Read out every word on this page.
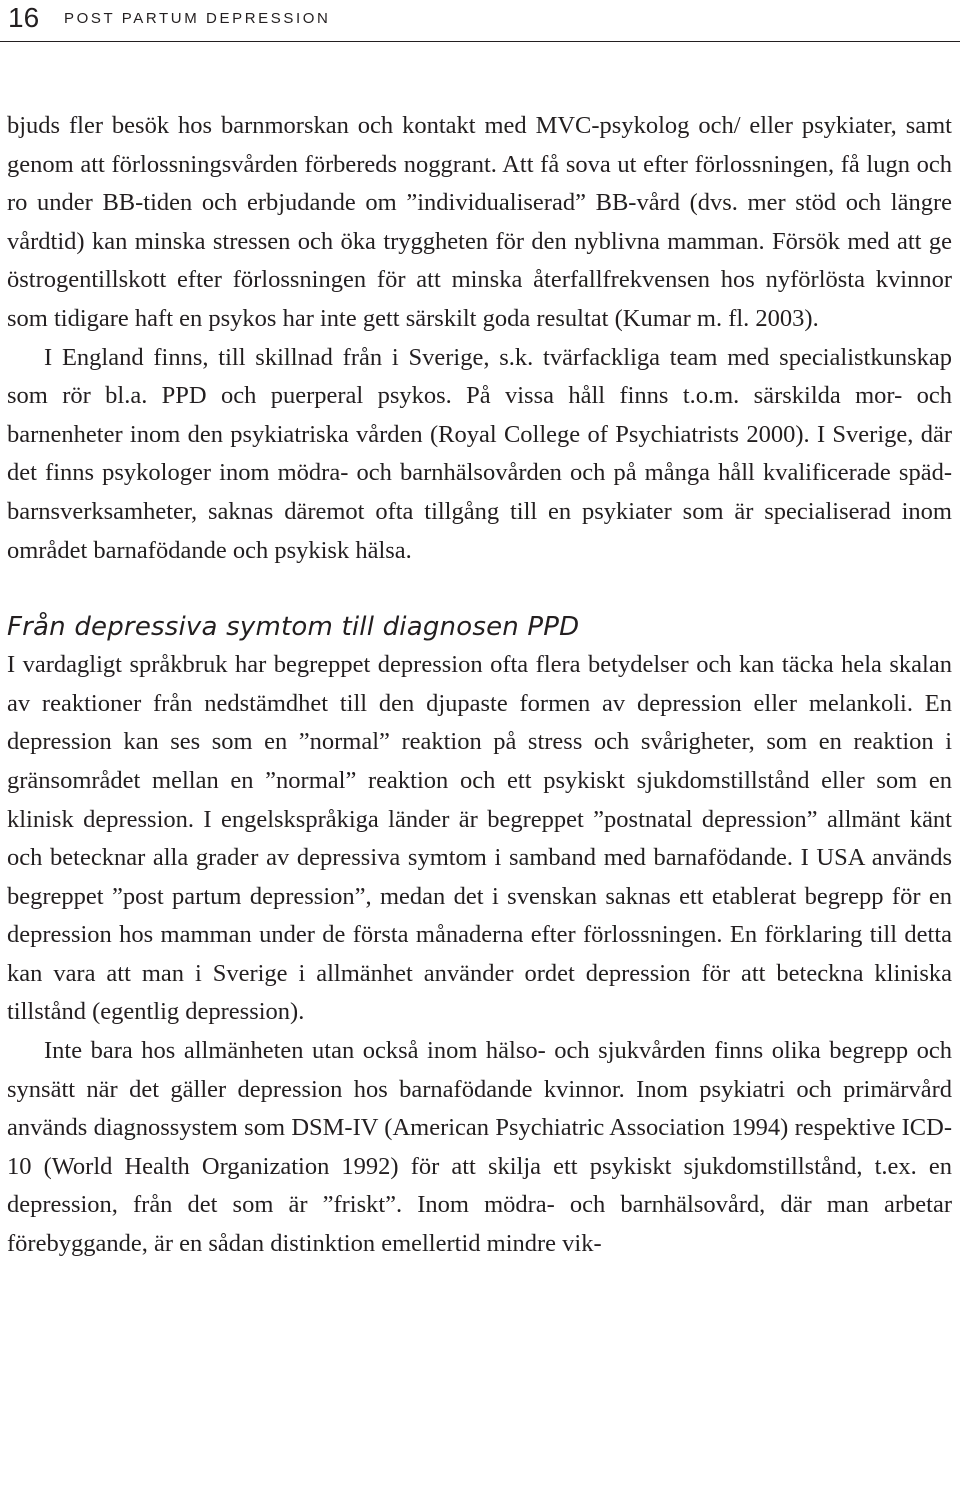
16 POST PARTUM DEPRESSION

bjuds fler besök hos barnmorskan och kontakt med MVC-psykolog och/ eller psykiater, samt genom att förlossningsvården förbereds noggrant. Att få sova ut efter förlossningen, få lugn och ro under BB-tiden och erbjudande om ”individualiserad” BB-vård (dvs. mer stöd och längre vårdtid) kan minska stressen och öka tryggheten för den nyblivna mamman. Försök med att ge östrogentillskott efter förlossningen för att minska återfallfrekvensen hos nyförlösta kvinnor som tidigare haft en psykos har inte gett särskilt goda resultat (Kumar m. fl. 2003).

I England finns, till skillnad från i Sverige, s.k. tvärfackliga team med specialistkunskap som rör bl.a. PPD och puerperal psykos. På vissa håll finns t.o.m. särskilda mor- och barnenheter inom den psykiatriska vården (Royal College of Psychiatrists 2000). I Sverige, där det finns psykologer inom mödra- och barnhälsovården och på många håll kvalificerade spädbarnsverksamheter, saknas däremot ofta tillgång till en psykiater som är specialiserad inom området barnafödande och psykisk hälsa.

Från depressiva symtom till diagnosen PPD

I vardagligt språkbruk har begreppet depression ofta flera betydelser och kan täcka hela skalan av reaktioner från nedstämdhet till den djupaste formen av depression eller melankoli. En depression kan ses som en ”normal” reaktion på stress och svårigheter, som en reaktion i gränsområdet mellan en ”normal” reaktion och ett psykiskt sjukdomstillstånd eller som en klinisk depression. I engelskspråkiga länder är begreppet ”postnatal depression” allmänt känt och betecknar alla grader av depressiva symtom i samband med barnafödande. I USA används begreppet ”post partum depression”, medan det i svenskan saknas ett etablerat begrepp för en depression hos mamman under de första månaderna efter förlossningen. En förklaring till detta kan vara att man i Sverige i allmänhet använder ordet depression för att beteckna kliniska tillstånd (egentlig depression).

Inte bara hos allmänheten utan också inom hälso- och sjukvården finns olika begrepp och synsätt när det gäller depression hos barnafödande kvinnor. Inom psykiatri och primärvård används diagnossystem som DSM-IV (American Psychiatric Association 1994) respektive ICD-10 (World Health Organization 1992) för att skilja ett psykiskt sjukdomstillstånd, t.ex. en depression, från det som är ”friskt”. Inom mödra- och barnhälsovård, där man arbetar förebyggande, är en sådan distinktion emellertid mindre vik-
